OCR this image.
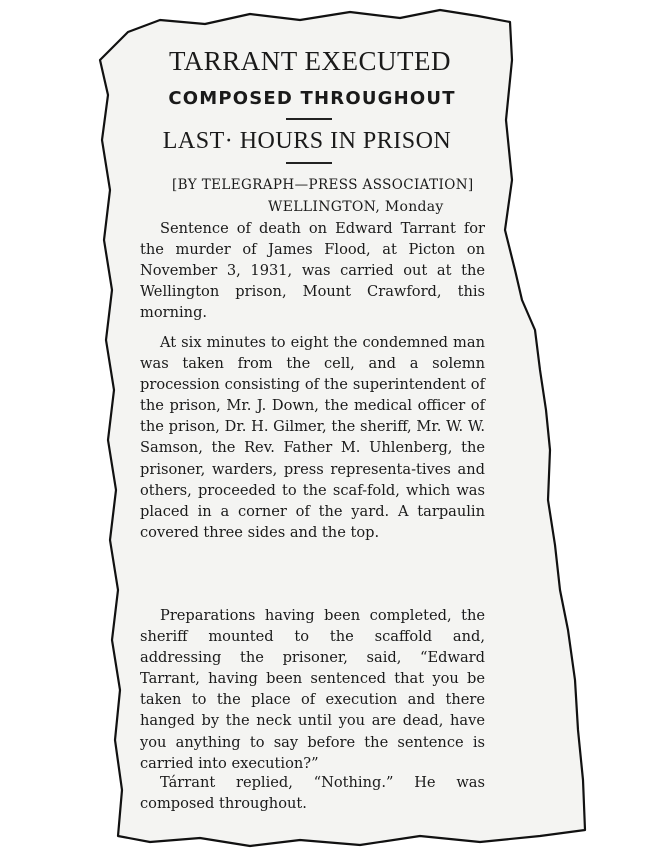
TARRANT EXECUTED
COMPOSED THROUGHOUT
LAST· HOURS IN PRISON
[BY TELEGRAPH—PRESS ASSOCIATION]
WELLINGTON, Monday
Sentence of death on Edward Tarrant for the murder of James Flood, at Picton on November 3, 1931, was carried out at the Wellington prison, Mount Crawford, this morning.
At six minutes to eight the condemned man was taken from the cell, and a solemn procession consisting of the superintendent of the prison, Mr. J. Down, the medical officer of the prison, Dr. H. Gilmer, the sheriff, Mr. W. W. Samson, the Rev. Father M. Uhlenberg, the prisoner, warders, press representa-tives and others, proceeded to the scaf-fold, which was placed in a corner of the yard. A tarpaulin covered three sides and the top.
Preparations having been completed, the sheriff mounted to the scaffold and, addressing the prisoner, said, “Edward Tarrant, having been sentenced that you be taken to the place of execution and there hanged by the neck until you are dead, have you anything to say before the sentence is carried into execution?”
Tárrant replied, “Nothing.” He was composed throughout.
